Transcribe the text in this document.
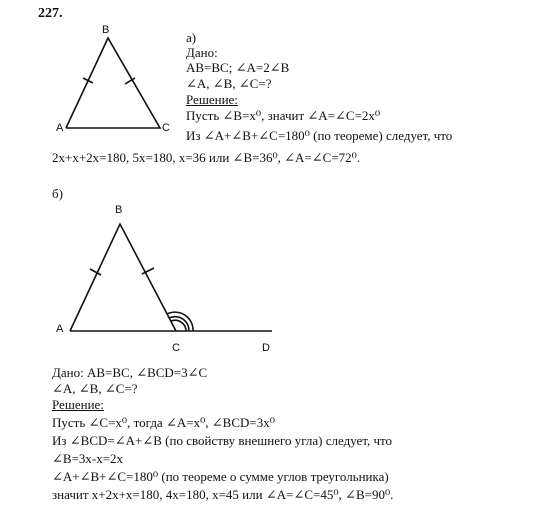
227.
B
A	C
а)
Дано:
AB=BC; ∠A=2∠B
∠A, ∠B, ∠C=?
Решение:
Пусть ∠B=x⁰, значит ∠A=∠C=2x⁰
Из ∠A+∠B+∠C=180⁰ (по теореме) следует, что
2x+x+2x=180, 5x=180, x=36 или ∠B=36⁰, ∠A=∠C=72⁰.
б)
B
A
C	D
Дано: AB=BC, ∠BCD=3∠C
∠A, ∠B, ∠C=?
Решение:
Пусть ∠C=x⁰, тогда ∠A=x⁰, ∠BCD=3x⁰
Из ∠BCD=∠A+∠B (по свойству внешнего угла) следует, что
∠B=3x-x=2x
∠A+∠B+∠C=180⁰ (по теореме о сумме углов треугольника)
значит x+2x+x=180, 4x=180, x=45 или ∠A=∠C=45⁰, ∠B=90⁰.
